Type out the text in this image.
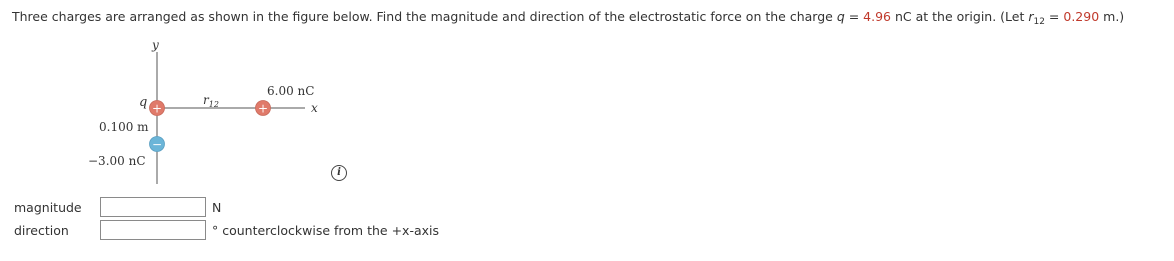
Three charges are arranged as shown in the figure below. Find the magnitude and direction of the electrostatic force on the charge q = 4.96 nC at the origin. (Let $r_{12} = 0.290$ m.)
y
x
q	$r_{12}$
6.00 nC
0.100 m
−3.00 nC
+	+
−
i
magnitude	N
direction	° counterclockwise from the +x-axis
